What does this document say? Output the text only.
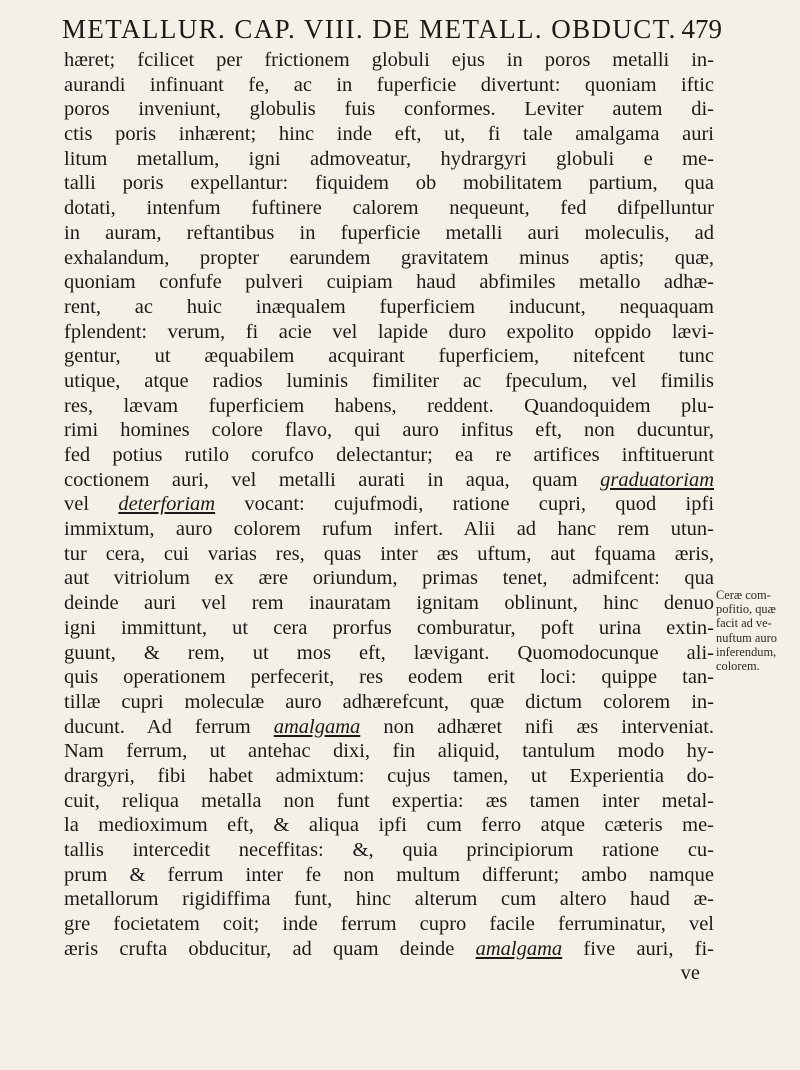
METALLUR. CAP. VIII. DE METALL. OBDUCT. 479
hæret; fcilicet per frictionem globuli ejus in poros metalli in-
aurandi infinuant fe, ac in fuperficie divertunt: quoniam iftic
poros inveniunt, globulis fuis conformes. Leviter autem di-
ctis poris inhærent; hinc inde eft, ut, fi tale amalgama auri
litum metallum, igni admoveatur, hydrargyri globuli e me-
talli poris expellantur: fiquidem ob mobilitatem partium, qua
dotati, intenfum fuftinere calorem nequeunt, fed difpelluntur
in auram, reftantibus in fuperficie metalli auri moleculis, ad
exhalandum, propter earundem gravitatem minus aptis; quæ,
quoniam confufe pulveri cuipiam haud abfimiles metallo adhæ-
rent, ac huic inæqualem fuperficiem inducunt, nequaquam
fplendent: verum, fi acie vel lapide duro expolito oppido lævi-
gentur, ut æquabilem acquirant fuperficiem, nitefcent tunc
utique, atque radios luminis fimiliter ac fpeculum, vel fimilis
res, lævam fuperficiem habens, reddent. Quandoquidem plu-
rimi homines colore flavo, qui auro infitus eft, non ducuntur,
fed potius rutilo corufco delectantur; ea re artifices inftituerunt
coctionem auri, vel metalli aurati in aqua, quam graduatoriam
vel deterforiam vocant: cujufmodi, ratione cupri, quod ipfi
immixtum, auro colorem rufum infert. Alii ad hanc rem utun-
tur cera, cui varias res, quas inter æs uftum, aut fquama æris,
aut vitriolum ex ære oriundum, primas tenet, admifcent: qua
deinde auri vel rem inauratam ignitam oblinunt, hinc denuo
igni immittunt, ut cera prorfus comburatur, poft urina extin-
guunt, & rem, ut mos eft, lævigant. Quomodocunque ali-
quis operationem perfecerit, res eodem erit loci: quippe tan-
tillæ cupri moleculæ auro adhærefcunt, quæ dictum colorem in-
ducunt. Ad ferrum amalgama non adhæret nifi æs interveniat.
Nam ferrum, ut antehac dixi, fin aliquid, tantulum modo hy-
drargyri, fibi habet admixtum: cujus tamen, ut Experientia do-
cuit, reliqua metalla non funt expertia: æs tamen inter metal-
la medioximum eft, & aliqua ipfi cum ferro atque cæteris me-
tallis intercedit neceffitas: &, quia principiorum ratione cu-
prum & ferrum inter fe non multum differunt; ambo namque
metallorum rigidiffima funt, hinc alterum cum altero haud æ-
gre focietatem coit; inde ferrum cupro facile ferruminatur, vel
æris crufta obducitur, ad quam deinde amalgama five auri, fi-
ve
Ceræ com-
pofitio, quæ
facit ad ve-
nuftum auro
inferendum,
colorem.
